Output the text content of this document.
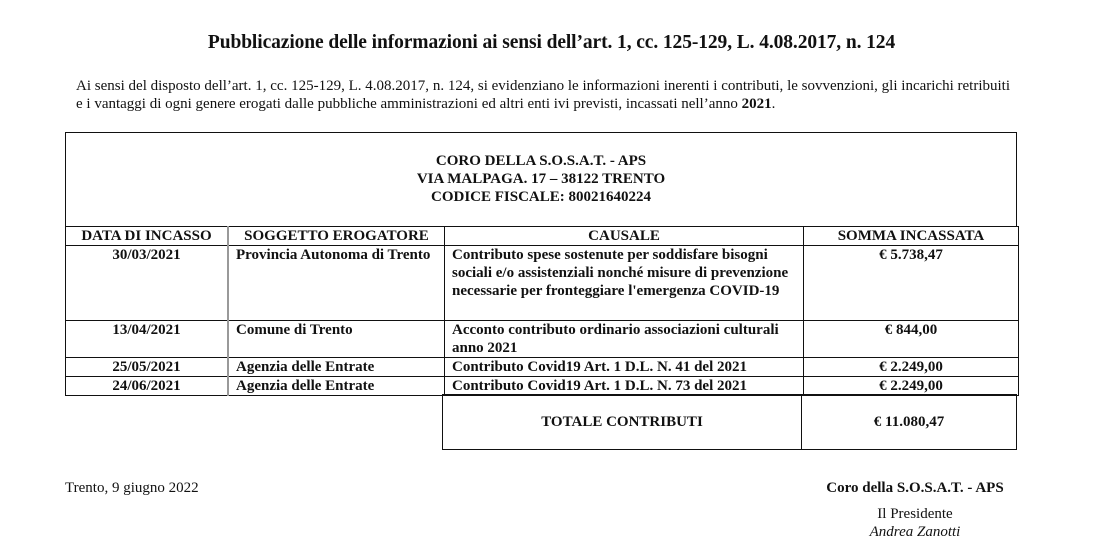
Pubblicazione delle informazioni ai sensi dell’art. 1, cc. 125-129, L. 4.08.2017, n. 124
Ai sensi del disposto dell’art. 1, cc. 125-129, L. 4.08.2017, n. 124, si evidenziano le informazioni inerenti i contributi, le sovvenzioni, gli incarichi retribuiti e i vantaggi di ogni genere erogati dalle pubbliche amministrazioni ed altri enti ivi previsti, incassati nell’anno 2021.
CORO DELLA S.O.S.A.T. - APS
VIA MALPAGA. 17 – 38122 TRENTO
CODICE FISCALE: 80021640224
DATA DI INCASSO	SOGGETTO EROGATORE	CAUSALE	SOMMA INCASSATA
30/03/2021	Provincia Autonoma di Trento	Contributo spese sostenute per soddisfare bisogni sociali e/o assistenziali nonché misure di prevenzione necessarie per fronteggiare l'emergenza COVID-19	€ 5.738,47
13/04/2021	Comune di Trento	Acconto contributo ordinario associazioni culturali anno 2021	€ 844,00
25/05/2021	Agenzia delle Entrate	Contributo Covid19 Art. 1 D.L. N. 41 del 2021	€ 2.249,00
24/06/2021	Agenzia delle Entrate	Contributo Covid19 Art. 1 D.L. N. 73 del 2021	€ 2.249,00
TOTALE CONTRIBUTI	€ 11.080,47
Trento, 9 giugno 2022	Coro della S.O.S.A.T. - APS
Il Presidente
Andrea Zanotti
